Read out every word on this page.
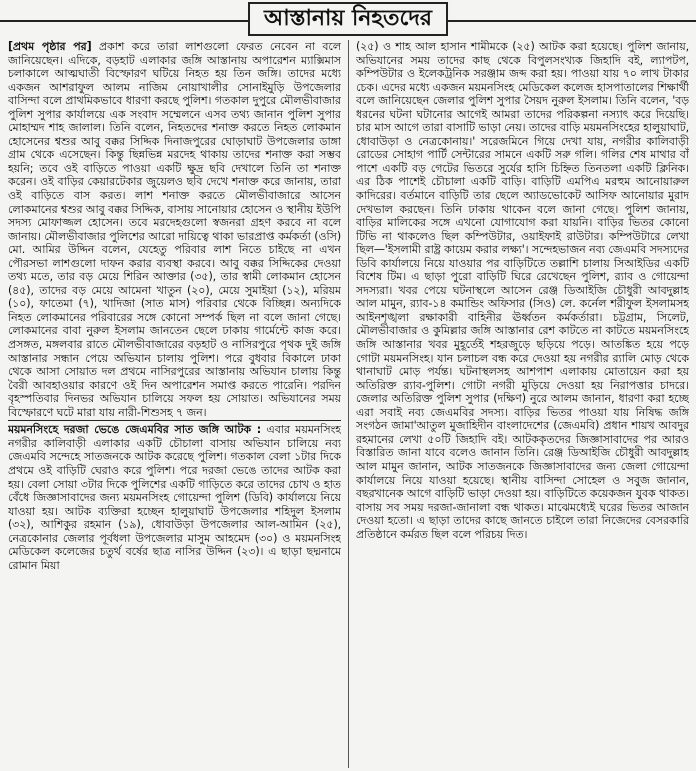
আস্তানায় নিহতদের

[প্রথম পৃষ্ঠার পর] প্রকাশ করে তারা লাশগুলো ফেরত নেবেন না বলে জানিয়েছেন। এদিকে, বড়হাট এলাকার জঙ্গি আস্তানায় অপারেশন ম্যাক্সিমাস চলাকালে আত্মঘাতী বিস্ফোরণ ঘটিয়ে নিহত হয় তিন জঙ্গি। তাদের মধ্যে একজন আশরাফুল আলম নাজিম নোয়াখালীর সোনাইমুড়ি উপজেলার বাসিন্দা বলে প্রাথমিকভাবে ধারণা করছে পুলিশ। গতকাল দুপুরে মৌলভীবাজার পুলিশ সুপার কার্যালয়ে এক সংবাদ সম্মেলনে এসব তথ্য জানান পুলিশ সুপার মোহাম্মদ শাহ জালাল। তিনি বলেন, নিহতদের শনাক্ত করতে নিহত লোকমান হোসেনের শ্বশুর আবু বক্কর সিদ্দিক দিনাজপুরের ঘোড়াঘাট উপজেলার ডাঙ্গা গ্রাম থেকে এসেছেন। কিন্তু ছিন্নভিন্ন মরদেহ থাকায় তাদের শনাক্ত করা সম্ভব হয়নি; তবে ওই বাড়িতে পাওয়া একটি ক্ষুদ্র ছবি দেখালে তিনি তা শনাক্ত করেন। ওই বাড়ির কেয়ারটেকার জুয়েলও ছবি দেখে শনাক্ত করে জানায়, তারা ওই বাড়িতে বাস করত। লাশ শনাক্ত করতে মৌলভীবাজারে আসেন লোকমানের শ্বশুর আবু বক্কর সিদ্দিক, বাসায় সানোয়ার হোসেন ও স্থানীয় ইউপি সদস্য মোফাজ্জল হোসেন। তবে মরদেহগুলো স্বজনরা গ্রহণ করবে না বলে জানায়। মৌলভীবাজার পুলিশের আরো দায়িত্বে থাকা ভারপ্রাপ্ত কর্মকর্তা (ওসি) মো. আমির উদ্দিন বলেন, যেহেতু পরিবার লাশ নিতে চাইছে না এখন পৌরসভা লাশগুলো দাফন করার ব্যবস্থা করবে। আবু বক্কর সিদ্দিকের দেওয়া তথ্য মতে, তার বড় মেয়ে শিরিন আক্তার (৩৫), তার স্বামী লোকমান হোসেন (৪৫), তাদের বড় মেয়ে আমেনা খাতুন (২০), মেয়ে সুমাইয়া (১২), মরিয়ম (১০), ফাতেমা (৭), খাদিজা (সাত মাস) পরিবার থেকে বিচ্ছিন্ন। অন্যদিকে নিহত লোকমানের পরিবারের সঙ্গে কোনো সম্পর্ক ছিল না বলে জানা গেছে। লোকমানের বাবা নুরুল ইসলাম জানতেন ছেলে ঢাকায় গার্মেন্টে কাজ করে। প্রসঙ্গত, মঙ্গলবার রাতে মৌলভীবাজারের বড়হাট ও নাসিরপুরে পৃথক দুই জঙ্গি আস্তানার সন্ধান পেয়ে অভিযান চালায় পুলিশ। পরে বুধবার বিকালে ঢাকা থেকে আসা সোয়াত দল প্রথমে নাসিরপুরের আস্তানায় অভিযান চালায় কিন্তু বৈরী আবহাওয়ার কারণে ওই দিন অপারেশন সমাপ্ত করতে পারেনি। পরদিন বৃহস্পতিবার দিনভর অভিযান চালিয়ে সফল হয় সোয়াত। অভিযানের সময় বিস্ফোরণে ঘটে মারা যায় নারী-শিশুসহ ৭ জন।

ময়মনসিংহে দরজা ভেঙে জেএমবির সাত জঙ্গি আটক : এবার ময়মনসিংহ নগরীর কালিবাড়ী এলাকার একটি চৌচালা বাসায় অভিযান চালিয়ে নব্য জেএমবি সন্দেহে সাতজনকে আটক করেছে পুলিশ। গতকাল বেলা ১টার দিকে প্রথমে ওই বাড়িটি ঘেরাও করে পুলিশ। পরে দরজা ভেঙে তাদের আটক করা হয়। বেলা সোয়া ৩টার দিকে পুলিশের একটি গাড়িতে করে তাদের চোখ ও হাত বেঁধে জিজ্ঞাসাবাদের জন্য ময়মনসিংহ গোয়েন্দা পুলিশ (ডিবি) কার্যালয়ে নিয়ে যাওয়া হয়। আটক ব্যক্তিরা হচ্ছেন হালুয়াঘাট উপজেলার শহিদুল ইসলাম (৩২), আশিকুর রহমান (১৯), ধোবাউড়া উপজেলার আল-আমিন (২৫), নেত্রকোনার জেলার পূর্বধলা উপজেলার মাসুম আহমেদ (৩০) ও ময়মনসিংহ মেডিকেল কলেজের চতুর্থ বর্ষের ছাত্র নাসির উদ্দিন (২৩)। এ ছাড়া ছদ্মনামে রোমান মিয়া

(২৫) ও শাহ আল হাসান শামীমকে (২৫) আটক করা হয়েছে। পুলিশ জানায়, অভিযানের সময় তাদের কাছ থেকে বিপুলসংখ্যক জিহাদি বই, ল্যাপটপ, কম্পিউটার ও ইলেকট্রনিক সরঞ্জাম জব্দ করা হয়। পাওয়া যায় ৭০ লাখ টাকার চেক। এদের মধ্যে একজন ময়মনসিংহ মেডিকেল কলেজ হাসপাতালের শিক্ষার্থী বলে জানিয়েছেন জেলার পুলিশ সুপার সৈয়দ নুরুল ইসলাম। তিনি বলেন, 'বড় ধরনের ঘটনা ঘটানোর আগেই আমরা তাদের পরিকল্পনা নস্যাৎ করে দিয়েছি। চার মাস আগে তারা বাসাটি ভাড়া নেয়। তাদের বাড়ি ময়মনসিংহের হালুয়াঘাট, ধোবাউড়া ও নেত্রকোনায়।' সরেজমিনে গিয়ে দেখা যায়, নগরীর কালিবাড়ী রোডের সোহাগ পার্টি সেন্টারের সামনে একটি সরু গলি। গলির শেষ মাথার বাঁ পাশে একটি বড় গেটের ভিতরে সুর্যের হাসি চিহ্নিত তিনতলা একটি ক্লিনিক। এর ঠিক পাশেই চৌচালা একটি বাড়ি। বাড়িটি এমপিএ মরহুম আনোয়ারুল কাদিরের। বর্তমানে বাড়িটি তার ছেলে অ্যাডভোকেট আসিফ আনোয়ার মুরাদ দেখভাল করছেন। তিনি ঢাকায় থাকেন বলে জানা গেছে। পুলিশ জানায়, বাড়ির মালিকের সঙ্গে এখনো যোগাযোগ করা যায়নি। বাড়ির ভিতর কোনো টিভি না থাকলেও ছিল কম্পিউটার, ওয়াইফাই রাউটার। কম্পিউটারে লেখা ছিল—'ইসলামী রাষ্ট্র কায়েম করার লক্ষ্য'। সন্দেহভাজন নব্য জেএমবি সদস্যদের ডিবি কার্যালয়ে নিয়ে যাওয়ার পর বাড়িটিতে তল্লাশি চালায় সিআইডির একটি বিশেষ টিম। এ ছাড়া পুরো বাড়িটি ঘিরে রেখেছেন পুলিশ, র‍্যাব ও গোয়েন্দা সদস্যরা। খবর পেয়ে ঘটনাস্থলে আসেন রেঞ্জ ডিআইজি চৌধুরী আবদুল্লাহ আল মামুন, র‍্যাব-১৪ কমান্ডিং অফিসার (সিও) লে. কর্নেল শরীফুল ইসলামসহ আইনশৃঙ্খলা রক্ষাকারী বাহিনীর ঊর্ধ্বতন কর্মকর্তারা। চট্টগ্রাম, সিলেট, মৌলভীবাজার ও কুমিল্লার জঙ্গি আস্তানার রেশ কাটতে না কাটতে ময়মনসিংহে জঙ্গি আস্তানার খবর মুহূর্তেই শহরজুড়ে ছড়িয়ে পড়ে। আতঙ্কিত হয়ে পড়ে গোটা ময়মনসিংহ। যান চলাচল বন্ধ করে দেওয়া হয় নগরীর র‍্যালি মোড় থেকে থানাঘাট মোড় পর্যন্ত। ঘটনাস্থলসহ আশপাশ এলাকায় মোতায়েন করা হয় অতিরিক্ত র‍্যাব-পুলিশ। গোটা নগরী মুড়িয়ে দেওয়া হয় নিরাপত্তার চাদরে। জেলার অতিরিক্ত পুলিশ সুপার (দক্ষিণ) নুরে আলম জানান, ধারণা করা হচ্ছে এরা সবাই নব্য জেএমবির সদস্য। বাড়ির ভিতর পাওয়া যায় নিষিদ্ধ জঙ্গি সংগঠন জামা'আতুল মুজাহিদীন বাংলাদেশের (জেএমবি) প্রধান শায়খ আবদুর রহমানের লেখা ৫০টি জিহাদি বই। আটককৃতদের জিজ্ঞাসাবাদের পর আরও বিস্তারিত জানা যাবে বলেও জানান তিনি। রেঞ্জ ডিআইজি চৌধুরী আবদুল্লাহ আল মামুন জানান, আটক সাতজনকে জিজ্ঞাসাবাদের জন্য জেলা গোয়েন্দা কার্যালয়ে নিয়ে যাওয়া হয়েছে। স্থানীয় বাসিন্দা সোহেল ও সবুজ জানান, বছরখানেক আগে বাড়িটি ভাড়া দেওয়া হয়। বাড়িটিতে কয়েকজন যুবক থাকত। বাসায় সব সময় দরজা-জানালা বন্ধ থাকত। মাঝেমধ্যেই ঘরের ভিতর আজান দেওয়া হতো। এ ছাড়া তাদের কাছে জানতে চাইলে তারা নিজেদের বেসরকারি প্রতিষ্ঠানে কর্মরত ছিল বলে পরিচয় দিত।
